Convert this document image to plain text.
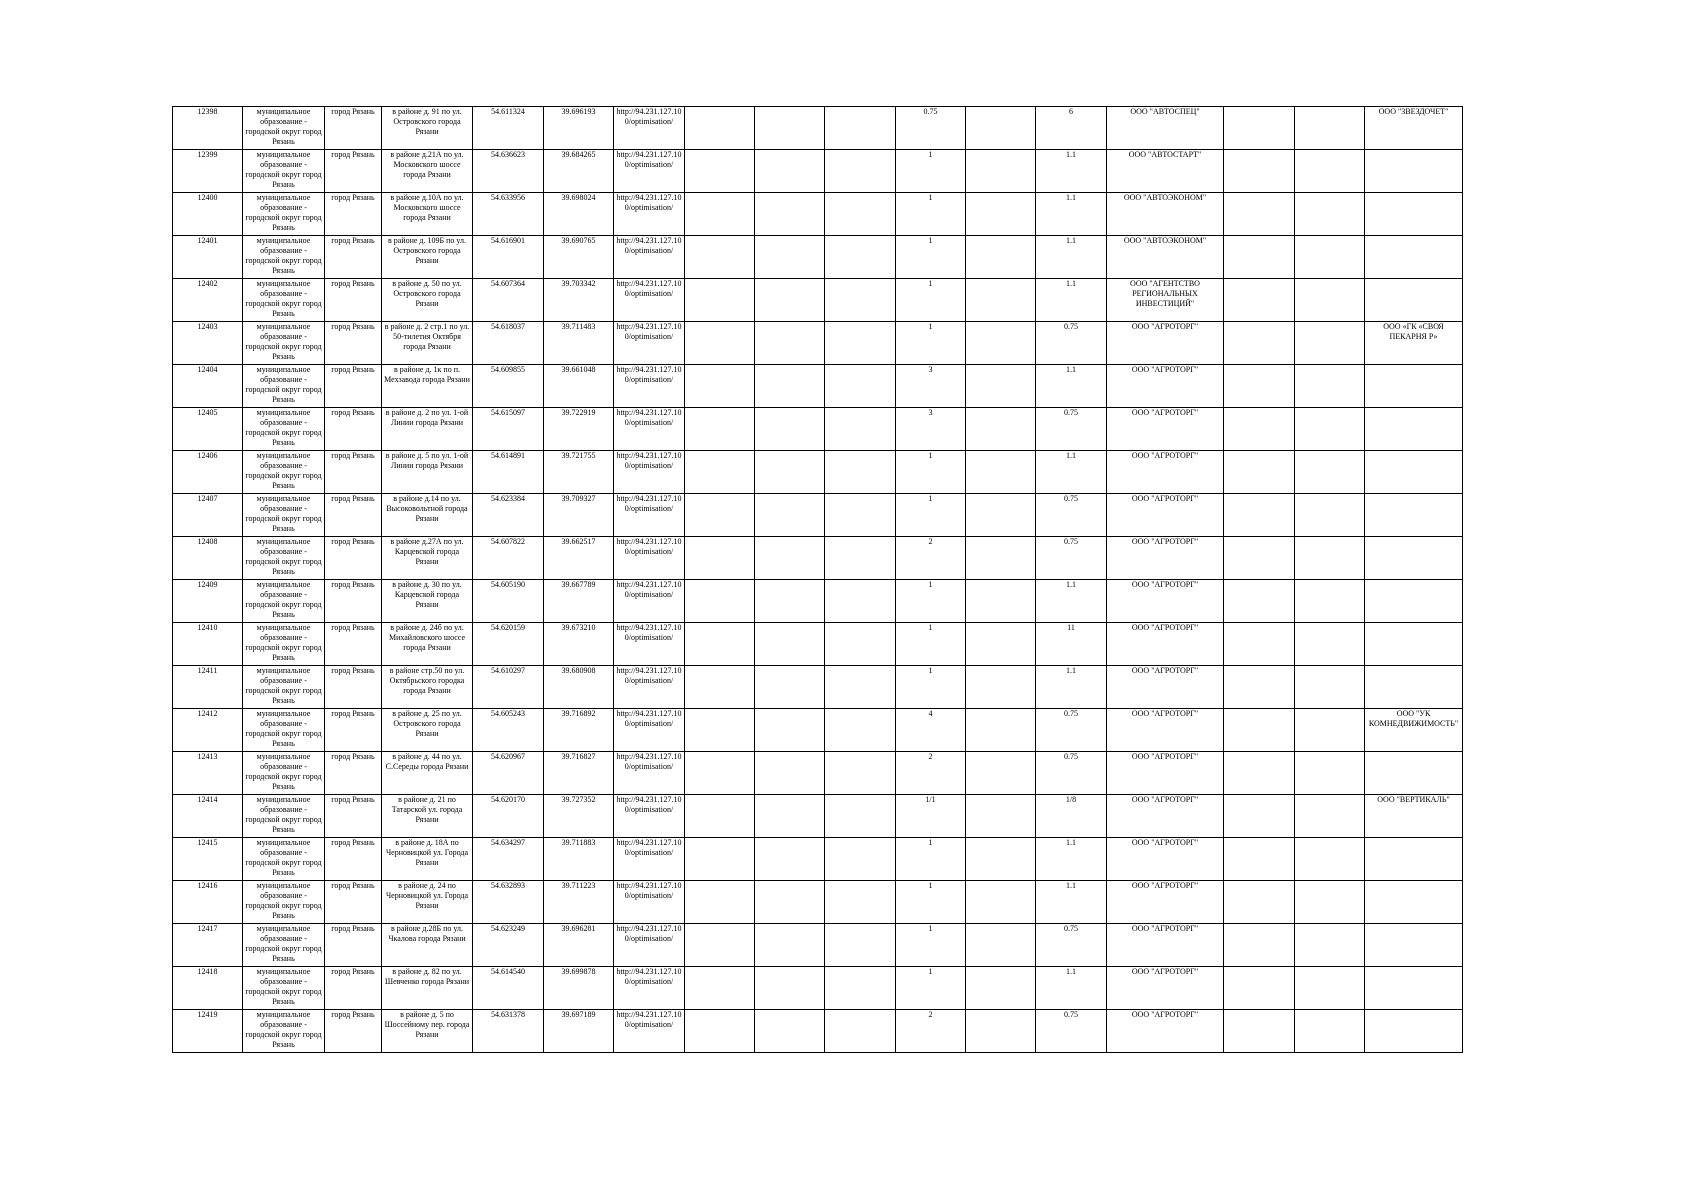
12398	муниципальное образование - городской округ город Рязань	город Рязань	в районе д. 91 по ул. Островского города Рязани	54.611324	39.696193	http://94.231.127.10 0/optimisation/				0.75		6	ООО "АВТОСПЕЦ"			ООО "ЗВЕЗДОЧЕТ"
12399	муниципальное образование - городской округ город Рязань	город Рязань	в районе д.21А по ул. Московского шоссе города Рязани	54.636623	39.684265	http://94.231.127.10 0/optimisation/				1		1.1	ООО "АВТОСТАРТ"			
12400	муниципальное образование - городской округ город Рязань	город Рязань	в районе д.10А по ул. Московского шоссе города Рязани	54.633956	39.698024	http://94.231.127.10 0/optimisation/				1		1.1	ООО "АВТОЭКОНОМ"			
12401	муниципальное образование - городской округ город Рязань	город Рязань	в районе д. 109Б по ул. Островского города Рязани	54.616901	39.690765	http://94.231.127.10 0/optimisation/				1		1.1	ООО "АВТОЭКОНОМ"			
12402	муниципальное образование - городской округ город Рязань	город Рязань	в районе д. 50 по ул. Островского города Рязани	54.607364	39.703342	http://94.231.127.10 0/optimisation/				1		1.1	ООО "АГЕНТСТВО РЕГИОНАЛЬНЫХ ИНВЕСТИЦИЙ"			
12403	муниципальное образование - городской округ город Рязань	город Рязань	в районе д. 2 стр.1 по ул. 50-тилетия Октября города Рязани	54.618037	39.711483	http://94.231.127.10 0/optimisation/				1		0.75	ООО "АГРОТОРГ"			ООО «ГК «СВОЯ ПЕКАРНЯ Р»
12404	муниципальное образование - городской округ город Рязань	город Рязань	в районе д. 1к по п. Мехзавода города Рязани	54.609855	39.661048	http://94.231.127.10 0/optimisation/				3		1.1	ООО "АГРОТОРГ"			
12405	муниципальное образование - городской округ город Рязань	город Рязань	в районе д. 2 по ул. 1-ой Линии города Рязани	54.615097	39.722919	http://94.231.127.10 0/optimisation/				3		0.75	ООО "АГРОТОРГ"			
12406	муниципальное образование - городской округ город Рязань	город Рязань	в районе д. 5 по ул. 1-ой Линии города Рязани	54.614891	39.721755	http://94.231.127.10 0/optimisation/				1		1.1	ООО "АГРОТОРГ"			
12407	муниципальное образование - городской округ город Рязань	город Рязань	в районе д.14 по ул. Высоковольтной города Рязани	54.623384	39.709327	http://94.231.127.10 0/optimisation/				1		0.75	ООО "АГРОТОРГ"			
12408	муниципальное образование - городской округ город Рязань	город Рязань	в районе д.27А по ул. Карцевской города Рязани	54.607822	39.662517	http://94.231.127.10 0/optimisation/				2		0.75	ООО "АГРОТОРГ"			
12409	муниципальное образование - городской округ город Рязань	город Рязань	в районе д. 30 по ул. Карцевской города Рязани	54.605190	39.667789	http://94.231.127.10 0/optimisation/				1		1.1	ООО "АГРОТОРГ"			
12410	муниципальное образование - городской округ город Рязань	город Рязань	в районе д. 24б по ул. Михайловского шоссе города Рязани	54.620159	39.673210	http://94.231.127.10 0/optimisation/				1		11	ООО "АГРОТОРГ"			
12411	муниципальное образование - городской округ город Рязань	город Рязань	в районе стр.50 по ул. Октябрьского городка города Рязани	54.610297	39.680908	http://94.231.127.10 0/optimisation/				1		1.1	ООО "АГРОТОРГ"			
12412	муниципальное образование - городской округ город Рязань	город Рязань	в районе д. 25 по ул. Островского города Рязани	54.605243	39.716892	http://94.231.127.10 0/optimisation/				4		0.75	ООО "АГРОТОРГ"			ООО "УК КОМНЕДВИЖИМОСТЬ"
12413	муниципальное образование - городской округ город Рязань	город Рязань	в районе д. 44 по ул. С.Середы города Рязани	54.620967	39.716827	http://94.231.127.10 0/optimisation/				2		0.75	ООО "АГРОТОРГ"			
12414	муниципальное образование - городской округ город Рязань	город Рязань	в районе д. 21 по Татарской ул. города Рязани	54.620170	39.727352	http://94.231.127.10 0/optimisation/				1/1		1/8	ООО "АГРОТОРГ"			ООО "ВЕРТИКАЛЬ"
12415	муниципальное образование - городской округ город Рязань	город Рязань	в районе д. 18А по Черновицкой ул. Города Рязани	54.634297	39.711883	http://94.231.127.10 0/optimisation/				1		1.1	ООО "АГРОТОРГ"			
12416	муниципальное образование - городской округ город Рязань	город Рязань	в районе д. 24 по Черновицкой ул. Города Рязани	54.632893	39.711223	http://94.231.127.10 0/optimisation/				1		1.1	ООО "АГРОТОРГ"			
12417	муниципальное образование - городской округ город Рязань	город Рязань	в районе д.28Б по ул. Чкалова города Рязани	54.623249	39.696281	http://94.231.127.10 0/optimisation/				1		0.75	ООО "АГРОТОРГ"			
12418	муниципальное образование - городской округ город Рязань	город Рязань	в районе д. 82 по ул. Шевченко города Рязани	54.614540	39.699878	http://94.231.127.10 0/optimisation/				1		1.1	ООО "АГРОТОРГ"			
12419	муниципальное образование - городской округ город Рязань	город Рязань	в районе д. 5 по Шоссейному пер. города Рязани	54.631378	39.697189	http://94.231.127.10 0/optimisation/				2		0.75	ООО "АГРОТОРГ"			
